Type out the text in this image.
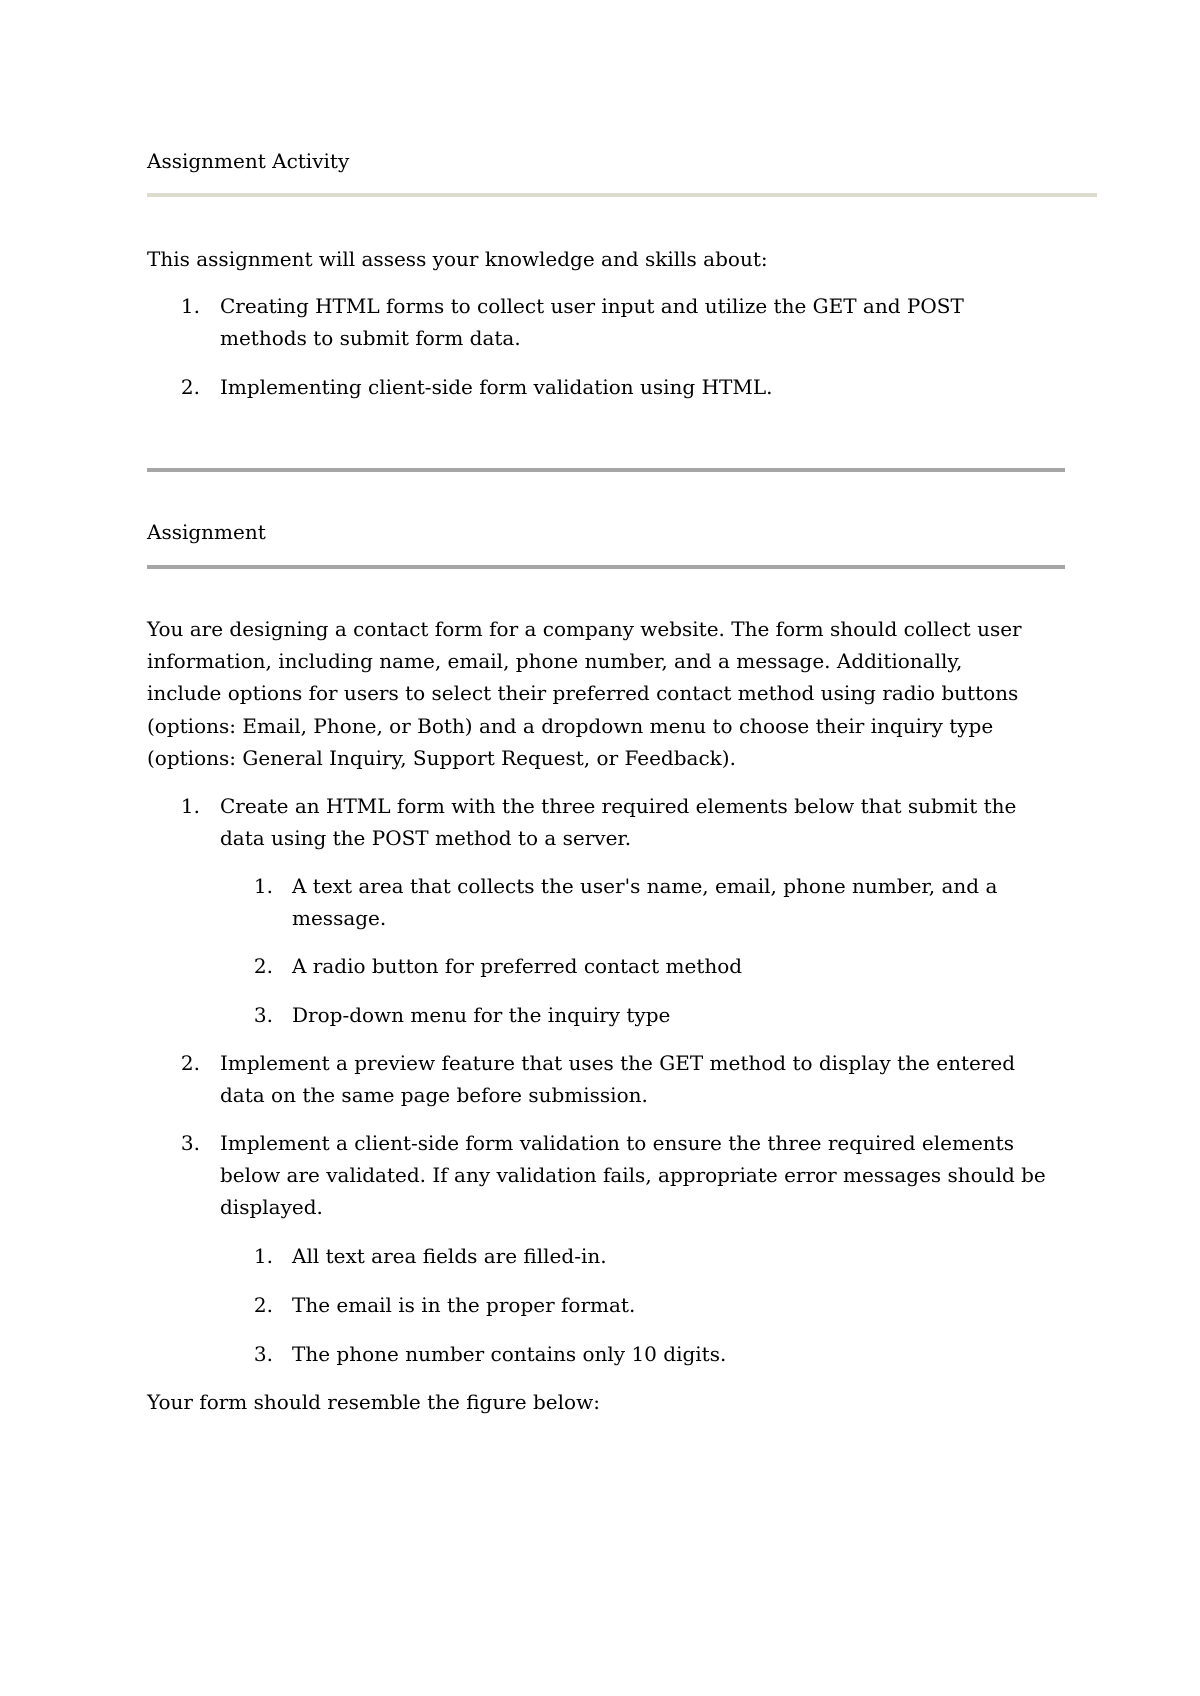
Assignment Activity
This assignment will assess your knowledge and skills about:
1. Creating HTML forms to collect user input and utilize the GET and POST
methods to submit form data.
2. Implementing client-side form validation using HTML.
Assignment
You are designing a contact form for a company website. The form should collect user
information, including name, email, phone number, and a message. Additionally,
include options for users to select their preferred contact method using radio buttons
(options: Email, Phone, or Both) and a dropdown menu to choose their inquiry type
(options: General Inquiry, Support Request, or Feedback).
1. Create an HTML form with the three required elements below that submit the
data using the POST method to a server.
1. A text area that collects the user's name, email, phone number, and a
message.
2. A radio button for preferred contact method
3. Drop-down menu for the inquiry type
2. Implement a preview feature that uses the GET method to display the entered
data on the same page before submission.
3. Implement a client-side form validation to ensure the three required elements
below are validated. If any validation fails, appropriate error messages should be
displayed.
1. All text area fields are filled-in.
2. The email is in the proper format.
3. The phone number contains only 10 digits.
Your form should resemble the figure below:
